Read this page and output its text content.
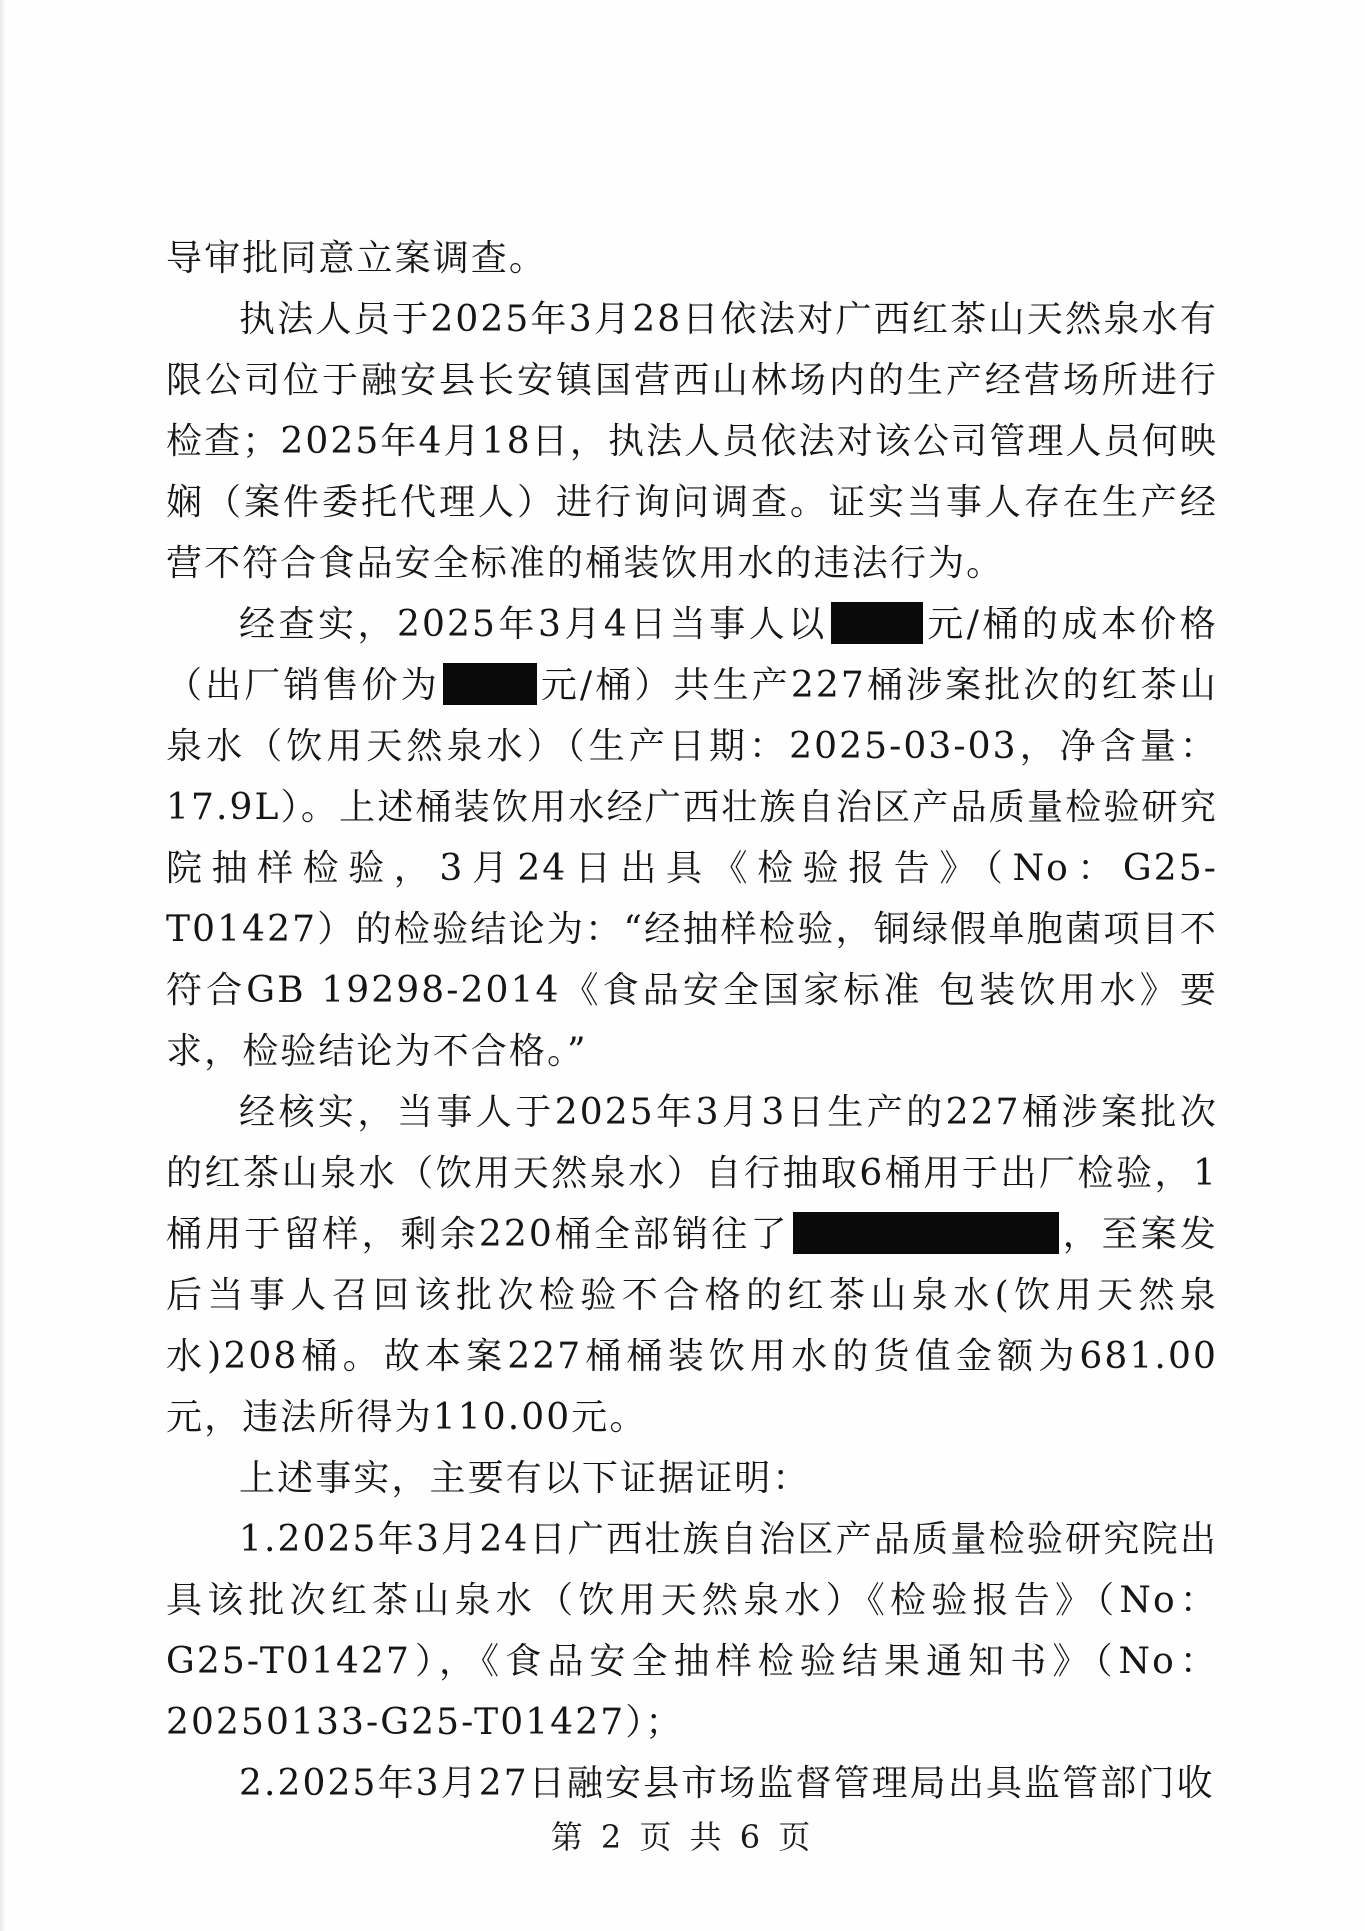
导审批同意立案调查。

执法人员于2025年3月28日依法对广西红茶山天然泉水有限公司位于融安县长安镇国营西山林场内的生产经营场所进行检查；2025年4月18日，执法人员依法对该公司管理人员何映娴（案件委托代理人）进行询问调查。证实当事人存在生产经营不符合食品安全标准的桶装饮用水的违法行为。

经查实，2025年3月4日当事人以	元/桶的成本价格（出厂销售价为	元/桶）共生产227桶涉案批次的红茶山泉水（饮用天然泉水）（生产日期：2025-03-03，净含量：17.9L）。上述桶装饮用水经广西壮族自治区产品质量检验研究院抽样检验，3月24日出具《检验报告》（No：G25-T01427）的检验结论为：“经抽样检验，铜绿假单胞菌项目不符合GB 19298-2014《食品安全国家标准 包装饮用水》要求，检验结论为不合格。”

经核实，当事人于2025年3月3日生产的227桶涉案批次的红茶山泉水（饮用天然泉水）自行抽取6桶用于出厂检验，1桶用于留样，剩余220桶全部销往了	，至案发后当事人召回该批次检验不合格的红茶山泉水(饮用天然泉水)208桶。故本案227桶桶装饮用水的货值金额为681.00元，违法所得为110.00元。

上述事实，主要有以下证据证明：

1.2025年3月24日广西壮族自治区产品质量检验研究院出具该批次红茶山泉水（饮用天然泉水）《检验报告》（No：G25-T01427），《食品安全抽样检验结果通知书》（No：20250133-G25-T01427）；

2.2025年3月27日融安县市场监督管理局出具监管部门收

第 2 页 共 6 页
